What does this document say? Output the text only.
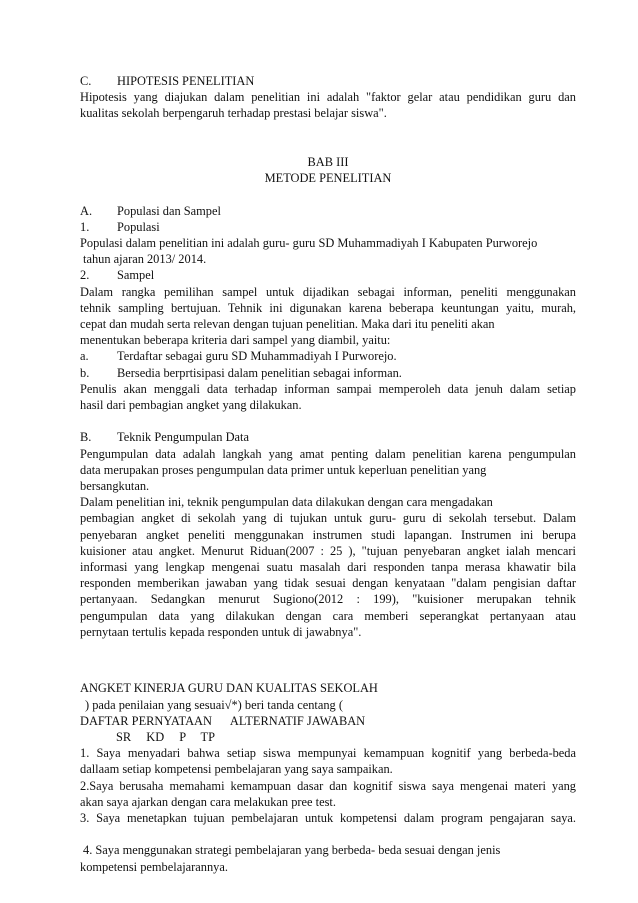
C. HIPOTESIS PENELITIAN
Hipotesis yang diajukan dalam penelitian ini adalah "faktor gelar atau pendidikan guru dan
kualitas sekolah berpengaruh terhadap prestasi belajar siswa".
BAB III
METODE PENELITIAN
A. Populasi dan Sampel
1. Populasi
Populasi dalam penelitian ini adalah guru- guru SD Muhammadiyah I Kabupaten Purworejo
tahun ajaran 2013/ 2014.
2. Sampel
Dalam rangka pemilihan sampel untuk dijadikan sebagai informan, peneliti menggunakan
tehnik sampling bertujuan. Tehnik ini digunakan karena beberapa keuntungan yaitu, murah,
cepat dan mudah serta relevan dengan tujuan penelitian. Maka dari itu peneliti akan
menentukan beberapa kriteria dari sampel yang diambil, yaitu:
a. Terdaftar sebagai guru SD Muhammadiyah I Purworejo.
b. Bersedia berprtisipasi dalam penelitian sebagai informan.
Penulis akan menggali data terhadap informan sampai memperoleh data jenuh dalam setiap
hasil dari pembagian angket yang dilakukan.
B. Teknik Pengumpulan Data
Pengumpulan data adalah langkah yang amat penting dalam penelitian karena pengumpulan
data merupakan proses pengumpulan data primer untuk keperluan penelitian yang
bersangkutan.
Dalam penelitian ini, teknik pengumpulan data dilakukan dengan cara mengadakan
pembagian angket di sekolah yang di tujukan untuk guru- guru di sekolah tersebut. Dalam
penyebaran angket peneliti menggunakan instrumen studi lapangan. Instrumen ini berupa
kuisioner atau angket. Menurut Riduan(2007 : 25 ), "tujuan penyebaran angket ialah mencari
informasi yang lengkap mengenai suatu masalah dari responden tanpa merasa khawatir bila
responden memberikan jawaban yang tidak sesuai dengan kenyataan "dalam pengisian daftar
pertanyaan. Sedangkan menurut Sugiono(2012 : 199), "kuisioner merupakan tehnik
pengumpulan data yang dilakukan dengan cara memberi seperangkat pertanyaan atau
pernytaan tertulis kepada responden untuk di jawabnya".
ANGKET KINERJA GURU DAN KUALITAS SEKOLAH
) pada penilaian yang sesuai√*) beri tanda centang (
DAFTAR PERNYATAAN ALTERNATIF JAWABAN
SR KD P TP
1. Saya menyadari bahwa setiap siswa mempunyai kemampuan kognitif yang berbeda-beda
dallaam setiap kompetensi pembelajaran yang saya sampaikan.
2.Saya berusaha memahami kemampuan dasar dan kognitif siswa saya mengenai materi yang
akan saya ajarkan dengan cara melakukan pree test.
3. Saya menetapkan tujuan pembelajaran untuk kompetensi dalam program pengajaran saya.
4. Saya menggunakan strategi pembelajaran yang berbeda- beda sesuai dengan jenis
kompetensi pembelajarannya.
